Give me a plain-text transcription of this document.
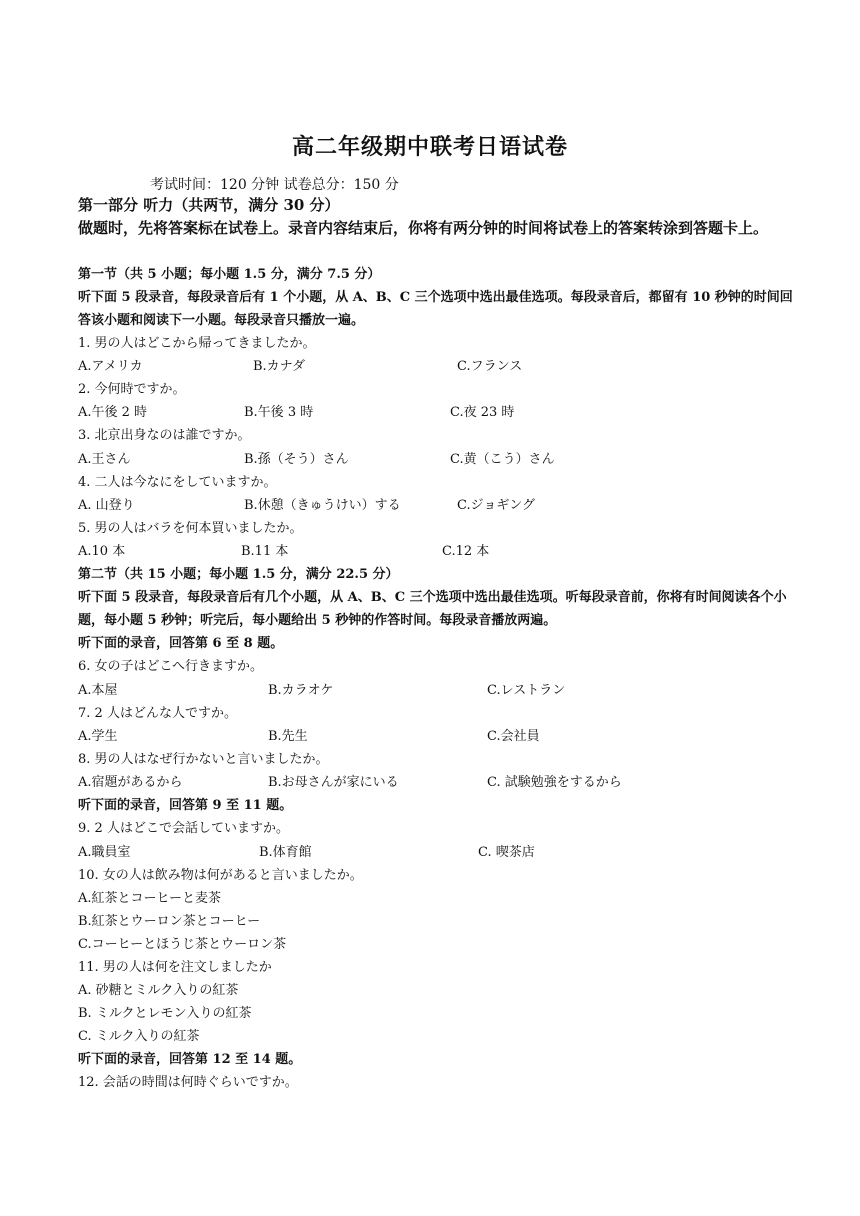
高二年级期中联考日语试卷
考试时间：120 分钟 试卷总分：150 分
第一部分 听力（共两节，满分 30 分）
做题时，先将答案标在试卷上。录音内容结束后，你将有两分钟的时间将试卷上的答案转涂到答题卡上。
第一节（共 5 小题；每小题 1.5 分，满分 7.5 分）
听下面 5 段录音，每段录音后有 1 个小题，从 A、B、C 三个选项中选出最佳选项。每段录音后，都留有 10 秒钟的时间回答该小题和阅读下一小题。每段录音只播放一遍。
1. 男の人はどこから帰ってきましたか。
A.アメリカ	B.カナダ	C.フランス
2. 今何時ですか。
A.午後 2 時	B.午後 3 時	C.夜 23 時
3. 北京出身なのは誰ですか。
A.王さん	B.孫（そう）さん	C.黄（こう）さん
4. 二人は今なにをしていますか。
A. 山登り	B.休憩（きゅうけい）する	C.ジョギング
5. 男の人はバラを何本買いましたか。
A.10 本	B.11 本	C.12 本
第二节（共 15 小题；每小题 1.5 分，满分 22.5 分）
听下面 5 段录音，每段录音后有几个小题，从 A、B、C 三个选项中选出最佳选项。听每段录音前，你将有时间阅读各个小题，每小题 5 秒钟；听完后，每小题给出 5 秒钟的作答时间。每段录音播放两遍。
听下面的录音，回答第 6 至 8 题。
6. 女の子はどこへ行きますか。
A.本屋	B.カラオケ	C.レストラン
7. 2 人はどんな人ですか。
A.学生	B.先生	C.会社員
8. 男の人はなぜ行かないと言いましたか。
A.宿題があるから	B.お母さんが家にいる	C. 試験勉強をするから
听下面的录音，回答第 9 至 11 题。
9. 2 人はどこで会話していますか。
A.職員室	B.体育館	C. 喫茶店
10. 女の人は飲み物は何があると言いましたか。
A.紅茶とコーヒーと麦茶
B.紅茶とウーロン茶とコーヒー
C.コーヒーとほうじ茶とウーロン茶
11. 男の人は何を注文しましたか
A. 砂糖とミルク入りの紅茶
B. ミルクとレモン入りの紅茶
C. ミルク入りの紅茶
听下面的录音，回答第 12 至 14 题。
12. 会話の時間は何時ぐらいですか。
